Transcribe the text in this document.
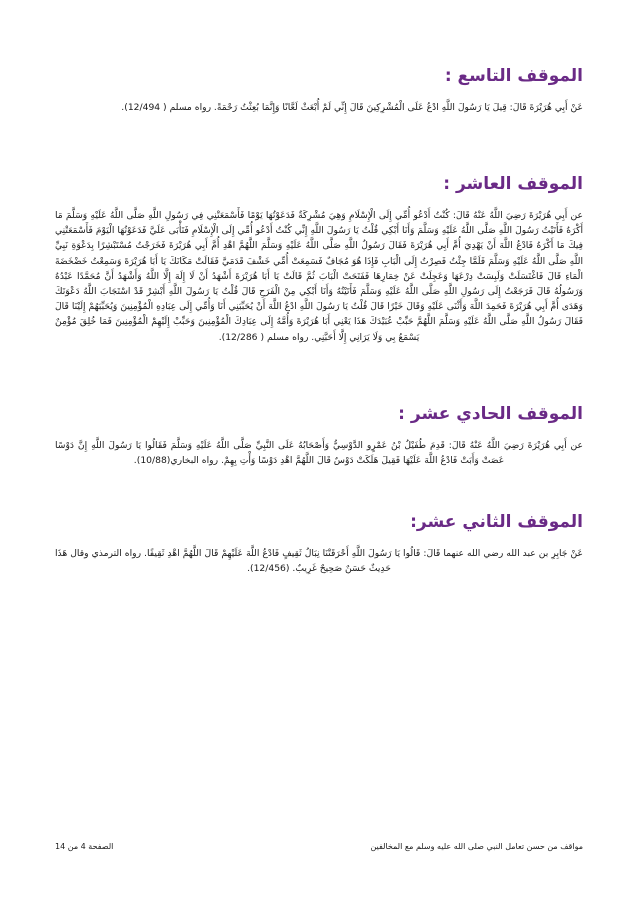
الموقف التاسع :

عَنْ أَبِي هُرَيْرَةَ قَالَ: قِيلَ يَا رَسُولَ اللَّهِ ادْعُ عَلَى الْمُشْرِكِينَ قَالَ إِنِّي لَمْ أُبْعَثْ لَعَّانًا وَإِنَّمَا بُعِثْتُ رَحْمَةً. رواه مسلم ( 12/494).

الموقف العاشر :

عن أَبِي هُرَيْرَةَ رَضِيَ اللَّهُ عَنْهُ قَالَ: كُنْتُ أَدْعُو أُمِّي إِلَى الْإِسْلَامِ وَهِيَ مُشْرِكَةٌ فَدَعَوْتُهَا يَوْمًا فَأَسْمَعَتْنِي فِي رَسُولِ اللَّهِ صَلَّى اللَّهُ عَلَيْهِ وَسَلَّمَ مَا أَكْرَهُ فَأَتَيْتُ رَسُولَ اللَّهِ صَلَّى اللَّهُ عَلَيْهِ وَسَلَّمَ وَأَنَا أَبْكِي قُلْتُ يَا رَسُولَ اللَّهِ إِنِّي كُنْتُ أَدْعُو أُمِّي إِلَى الْإِسْلَامِ فَتَأْبَى عَلَيَّ فَدَعَوْتُهَا الْيَوْمَ فَأَسْمَعَتْنِي فِيكَ مَا أَكْرَهُ فَادْعُ اللَّهَ أَنْ يَهْدِيَ أُمَّ أَبِي هُرَيْرَةَ فَقَالَ رَسُولُ اللَّهِ صَلَّى اللَّهُ عَلَيْهِ وَسَلَّمَ اللَّهُمَّ اهْدِ أُمَّ أَبِي هُرَيْرَةَ فَخَرَجْتُ مُسْتَبْشِرًا بِدَعْوَةِ نَبِيِّ اللَّهِ صَلَّى اللَّهُ عَلَيْهِ وَسَلَّمَ فَلَمَّا جِئْتُ فَصِرْتُ إِلَى الْبَابِ فَإِذَا هُوَ مُجَافٌ فَسَمِعَتْ أُمِّي خَشْفَ قَدَمَيَّ فَقَالَتْ مَكَانَكَ يَا أَبَا هُرَيْرَةَ وَسَمِعْتُ خَضْخَضَةَ الْمَاءِ قَالَ فَاغْتَسَلَتْ وَلَبِسَتْ دِرْعَهَا وَعَجِلَتْ عَنْ خِمَارِهَا فَفَتَحَتْ الْبَابَ ثُمَّ قَالَتْ يَا أَبَا هُرَيْرَةَ أَشْهَدُ أَنْ لَا إِلَهَ إِلَّا اللَّهُ وَأَشْهَدُ أَنَّ مُحَمَّدًا عَبْدُهُ وَرَسُولُهُ قَالَ فَرَجَعْتُ إِلَى رَسُولِ اللَّهِ صَلَّى اللَّهُ عَلَيْهِ وَسَلَّمَ فَأَتَيْتُهُ وَأَنَا أَبْكِي مِنْ الْفَرَحِ قَالَ قُلْتُ يَا رَسُولَ اللَّهِ أَبْشِرْ قَدْ اسْتَجَابَ اللَّهُ دَعْوَتَكَ وَهَدَى أُمَّ أَبِي هُرَيْرَةَ فَحَمِدَ اللَّهَ وَأَثْنَى عَلَيْهِ وَقَالَ خَيْرًا قَالَ قُلْتُ يَا رَسُولَ اللَّهِ ادْعُ اللَّهَ أَنْ يُحَبِّبَنِي أَنَا وَأُمِّي إِلَى عِبَادِهِ الْمُؤْمِنِينَ وَيُحَبِّبَهُمْ إِلَيْنَا قَالَ فَقَالَ رَسُولُ اللَّهِ صَلَّى اللَّهُ عَلَيْهِ وَسَلَّمَ اللَّهُمَّ حَبِّبْ عُبَيْدَكَ هَذَا يَعْنِي أَبَا هُرَيْرَةَ وَأُمَّهُ إِلَى عِبَادِكَ الْمُؤْمِنِينَ وَحَبِّبْ إِلَيْهِمْ الْمُؤْمِنِينَ فَمَا خُلِقَ مُؤْمِنٌ يَسْمَعُ بِي وَلَا يَرَانِي إِلَّا أَحَبَّنِي. رواه مسلم ( 12/286).

الموقف الحادي عشر :

عن أَبِي هُرَيْرَةَ رَضِيَ اللَّهُ عَنْهُ قَالَ: قَدِمَ طُفَيْلُ بْنُ عَمْرٍو الدَّوْسِيُّ وَأَصْحَابُهُ عَلَى النَّبِيِّ صَلَّى اللَّهُ عَلَيْهِ وَسَلَّمَ فَقَالُوا يَا رَسُولَ اللَّهِ إِنَّ دَوْسًا عَصَتْ وَأَبَتْ فَادْعُ اللَّهَ عَلَيْهَا فَقِيلَ هَلَكَتْ دَوْسٌ قَالَ اللَّهُمَّ اهْدِ دَوْسًا وَأْتِ بِهِمْ. رواه البخاري(10/88).

الموقف الثاني عشر:

عَنْ جَابِرِ بن عبد الله رضي الله عنهما قَالَ: قَالُوا يَا رَسُولَ اللَّهِ أَحْرَقَتْنَا نِبَالُ ثَقِيفٍ فَادْعُ اللَّهَ عَلَيْهِمْ قَالَ اللَّهُمَّ اهْدِ ثَقِيفًا. رواه الترمذي وقال هَذَا حَدِيثٌ حَسَنٌ صَحِيحٌ غَرِيبٌ. (12/456).

مواقف من حسن تعامل النبي صلى الله عليه وسلم مع المخالفين
الصفحة 4 من 14
